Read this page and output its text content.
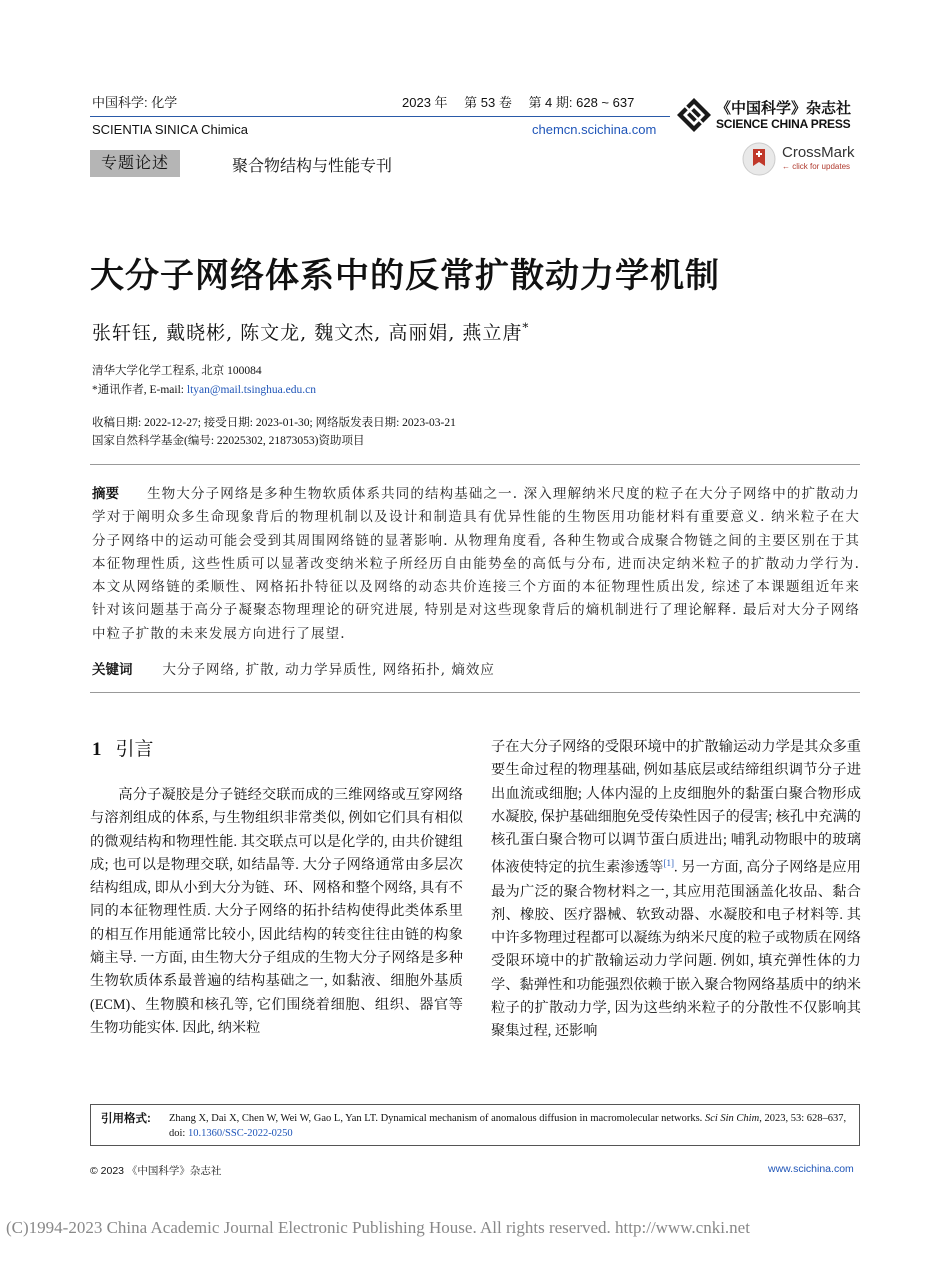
中国科学: 化学	2023 年 　第 53 卷 　第 4 期: 628 ~ 637
SCIENTIA SINICA Chimica	chemcn.scichina.com
《中国科学》杂志社
SCIENCE CHINA PRESS
CrossMark
← click for updates
专题论述	聚合物结构与性能专刊
大分子网络体系中的反常扩散动力学机制
张轩钰, 戴晓彬, 陈文龙, 魏文杰, 高丽娟, 燕立唐*
清华大学化学工程系, 北京 100084
*通讯作者, E-mail: ltyan@mail.tsinghua.edu.cn
收稿日期: 2022-12-27; 接受日期: 2023-01-30; 网络版发表日期: 2023-03-21
国家自然科学基金(编号: 22025302, 21873053)资助项目
摘要 生物大分子网络是多种生物软质体系共同的结构基础之一. 深入理解纳米尺度的粒子在大分子网络中的扩散动力学对于阐明众多生命现象背后的物理机制以及设计和制造具有优异性能的生物医用功能材料有重要意义. 纳米粒子在大分子网络中的运动可能会受到其周围网络链的显著影响. 从物理角度看, 各种生物或合成聚合物链之间的主要区别在于其本征物理性质, 这些性质可以显著改变纳米粒子所经历自由能势垒的高低与分布, 进而决定纳米粒子的扩散动力学行为. 本文从网络链的柔顺性、网格拓扑特征以及网络的动态共价连接三个方面的本征物理性质出发, 综述了本课题组近年来针对该问题基于高分子凝聚态物理理论的研究进展, 特别是对这些现象背后的熵机制进行了理论解释. 最后对大分子网络中粒子扩散的未来发展方向进行了展望.
关键词 大分子网络, 扩散, 动力学异质性, 网络拓扑, 熵效应
1 引言
高分子凝胶是分子链经交联而成的三维网络或互穿网络与溶剂组成的体系, 与生物组织非常类似, 例如它们具有相似的微观结构和物理性能. 其交联点可以是化学的, 由共价键组成; 也可以是物理交联, 如结晶等. 大分子网络通常由多层次结构组成, 即从小到大分为链、环、网格和整个网络, 具有不同的本征物理性质. 大分子网络的拓扑结构使得此类体系里的相互作用能通常比较小, 因此结构的转变往往由链的构象熵主导. 一方面, 由生物大分子组成的生物大分子网络是多种生物软质体系最普遍的结构基础之一, 如黏液、细胞外基质(ECM)、生物膜和核孔等, 它们围绕着细胞、组织、器官等生物功能实体. 因此, 纳米粒
子在大分子网络的受限环境中的扩散输运动力学是其众多重要生命过程的物理基础, 例如基底层或结缔组织调节分子进出血流或细胞; 人体内湿的上皮细胞外的黏蛋白聚合物形成水凝胶, 保护基础细胞免受传染性因子的侵害; 核孔中充满的核孔蛋白聚合物可以调节蛋白质进出; 哺乳动物眼中的玻璃体液使特定的抗生素渗透等[1]. 另一方面, 高分子网络是应用最为广泛的聚合物材料之一, 其应用范围涵盖化妆品、黏合剂、橡胶、医疗器械、软致动器、水凝胶和电子材料等. 其中许多物理过程都可以凝练为纳米尺度的粒子或物质在网络受限环境中的扩散输运动力学问题. 例如, 填充弹性体的力学、黏弹性和功能强烈依赖于嵌入聚合物网络基质中的纳米粒子的扩散动力学, 因为这些纳米粒子的分散性不仅影响其聚集过程, 还影响
引用格式: Zhang X, Dai X, Chen W, Wei W, Gao L, Yan LT. Dynamical mechanism of anomalous diffusion in macromolecular networks. Sci Sin Chim, 2023, 53: 628–637, doi: 10.1360/SSC-2022-0250
© 2023 《中国科学》杂志社	www.scichina.com
(C)1994-2023 China Academic Journal Electronic Publishing House. All rights reserved. http://www.cnki.net
